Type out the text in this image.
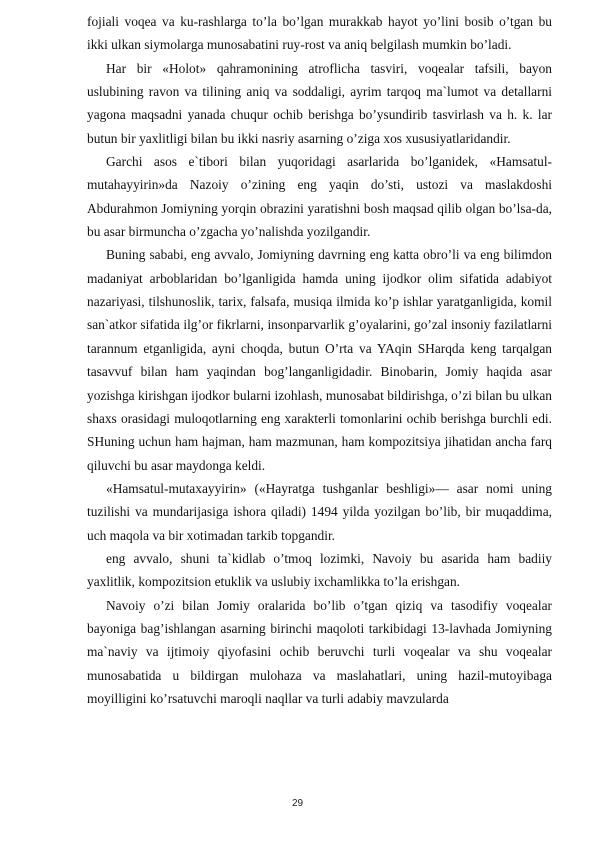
fojiali voqea va ku-rashlarga to’la bo’lgan murakkab hayot yo’lini bosib o’tgan bu ikki ulkan siymolarga munosabatini ruy-rost va aniq belgilash mumkin bo’ladi.

Har bir «Holot» qahramonining atroflicha tasviri, voqealar tafsili, bayon uslubining ravon va tilining aniq va soddaligi, ayrim tarqoq ma`lumot va detallarni yagona maqsadni yanada chuqur ochib berishga bo’ysundirib tasvirlash va h. k. lar butun bir yaxlitligi bilan bu ikki nasriy asarning o’ziga xos xususiyatlaridandir.

Garchi asos e`tibori bilan yuqoridagi asarlarida bo’lganidek, «Hamsatul-mutahayyirin»da Nazoiy o’zining eng yaqin do’sti, ustozi va maslakdoshi Abdurahmon Jomiyning yorqin obrazini yaratishni bosh maqsad qilib olgan bo’lsa-da, bu asar birmuncha o’zgacha yo’nalishda yozilgandir.

Buning sababi, eng avvalo, Jomiyning davrning eng katta obro’li va eng bilimdon madaniyat arboblaridan bo’lganligida hamda uning ijodkor olim sifatida adabiyot nazariyasi, tilshunoslik, tarix, falsafa, musiqa ilmida ko’p ishlar yaratganligida, komil san`atkor sifatida ilg’or fikrlarni, insonparvarlik g’oyalarini, go’zal insoniy fazilatlarni tarannum etganligida, ayni choqda, butun O’rta va YAqin SHarqda keng tarqalgan tasavvuf bilan ham yaqindan bog’langanligidadir. Binobarin, Jomiy haqida asar yozishga kirishgan ijodkor bularni izohlash, munosabat bildirishga, o’zi bilan bu ulkan shaxs orasidagi muloqotlarning eng xarakterli tomonlarini ochib berishga burchli edi. SHuning uchun ham hajman, ham mazmunan, ham kompozitsiya jihatidan ancha farq qiluvchi bu asar maydonga keldi.

«Hamsatul-mutaxayyirin» («Hayratga tushganlar beshligi»— asar nomi uning tuzilishi va mundarijasiga ishora qiladi) 1494 yilda yozilgan bo’lib, bir muqaddima, uch maqola va bir xotimadan tarkib topgandir.

eng avvalo, shuni ta`kidlab o’tmoq lozimki, Navoiy bu asarida ham badiiy yaxlitlik, kompozitsion etuklik va uslubiy ixchamlikka to’la erishgan.

Navoiy o’zi bilan Jomiy oralarida bo’lib o’tgan qiziq va tasodifiy voqealar bayoniga bag’ishlangan asarning birinchi maqoloti tarkibidagi 13-lavhada Jomiyning ma`naviy va ijtimoiy qiyofasini ochib beruvchi turli voqealar va shu voqealar munosabatida u bildirgan mulohaza va maslahatlari, uning hazil-mutoyibaga moyilligini ko’rsatuvchi maroqli naqllar va turli adabiy mavzularda

29
